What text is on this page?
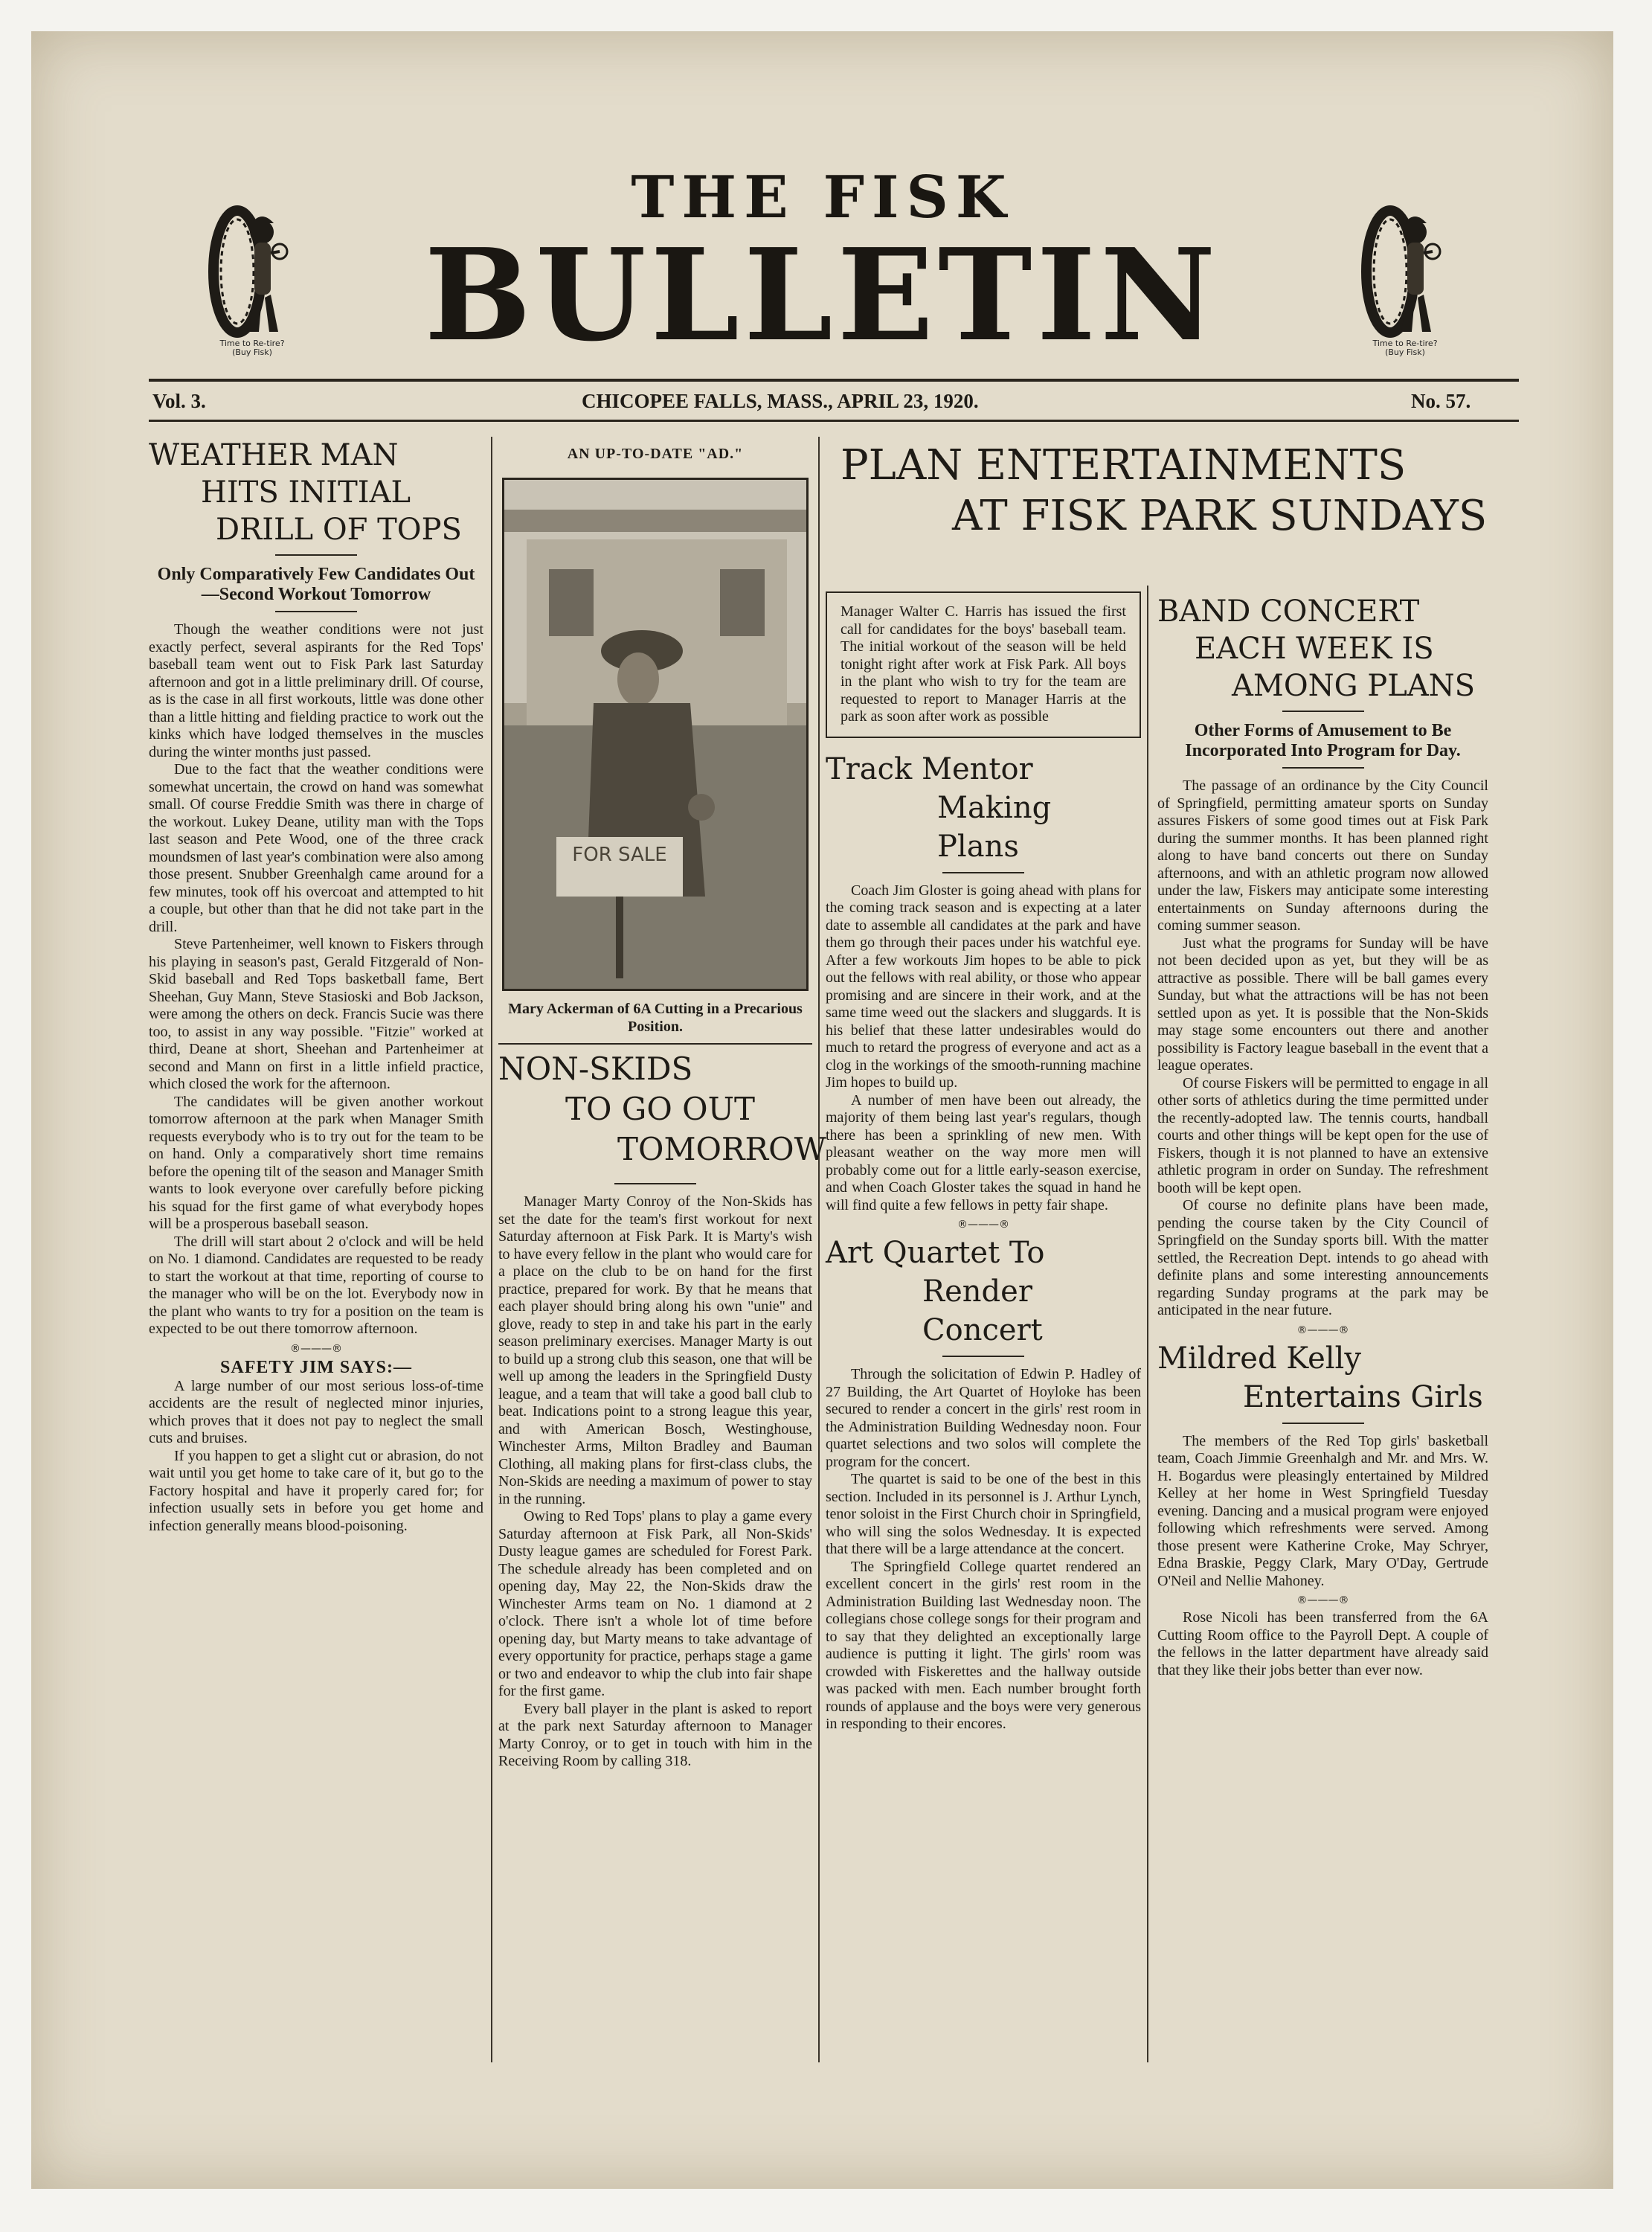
Time to Re-tire?
(Buy Fisk)
Time to Re-tire?
(Buy Fisk)
THE FISK
BULLETIN
Vol. 3.	CHICOPEE FALLS, MASS., APRIL 23, 1920.	No. 57.
WEATHER MAN
HITS INITIAL
DRILL OF TOPS
Only Comparatively Few Candidates Out—Second Workout Tomorrow

Though the weather conditions were not just exactly perfect, several aspirants for the Red Tops' baseball team went out to Fisk Park last Saturday afternoon and got in a little preliminary drill. Of course, as is the case in all first workouts, little was done other than a little hitting and fielding practice to work out the kinks which have lodged themselves in the muscles during the winter months just passed.

Due to the fact that the weather conditions were somewhat uncertain, the crowd on hand was somewhat small. Of course Freddie Smith was there in charge of the workout. Lukey Deane, utility man with the Tops last season and Pete Wood, one of the three crack moundsmen of last year's combination were also among those present. Snubber Greenhalgh came around for a few minutes, took off his overcoat and attempted to hit a couple, but other than that he did not take part in the drill.

Steve Partenheimer, well known to Fiskers through his playing in season's past, Gerald Fitzgerald of Non-Skid baseball and Red Tops basketball fame, Bert Sheehan, Guy Mann, Steve Stasioski and Bob Jackson, were among the others on deck. Francis Sucie was there too, to assist in any way possible. "Fitzie" worked at third, Deane at short, Sheehan and Partenheimer at second and Mann on first in a little infield practice, which closed the work for the afternoon.

The candidates will be given another workout tomorrow afternoon at the park when Manager Smith requests everybody who is to try out for the team to be on hand. Only a comparatively short time remains before the opening tilt of the season and Manager Smith wants to look everyone over carefully before picking his squad for the first game of what everybody hopes will be a prosperous baseball season.

The drill will start about 2 o'clock and will be held on No. 1 diamond. Candidates are requested to be ready to start the workout at that time, reporting of course to the manager who will be on the lot. Everybody now in the plant who wants to try for a position on the team is expected to be out there tomorrow afternoon.

®———®
SAFETY JIM SAYS:—

A large number of our most serious loss-of-time accidents are the result of neglected minor injuries, which proves that it does not pay to neglect the small cuts and bruises.

If you happen to get a slight cut or abrasion, do not wait until you get home to take care of it, but go to the Factory hospital and have it properly cared for; for infection usually sets in before you get home and infection generally means blood-poisoning.

AN UP-TO-DATE "AD."
FOR SALE
Mary Ackerman of 6A Cutting in a Precarious Position.
NON-SKIDS
TO GO OUT
TOMORROW

Manager Marty Conroy of the Non-Skids has set the date for the team's first workout for next Saturday afternoon at Fisk Park. It is Marty's wish to have every fellow in the plant who would care for a place on the club to be on hand for the first practice, prepared for work. By that he means that each player should bring along his own "unie" and glove, ready to step in and take his part in the early season preliminary exercises. Manager Marty is out to build up a strong club this season, one that will be well up among the leaders in the Springfield Dusty league, and a team that will take a good ball club to beat. Indications point to a strong league this year, and with American Bosch, Westinghouse, Winchester Arms, Milton Bradley and Bauman Clothing, all making plans for first-class clubs, the Non-Skids are needing a maximum of power to stay in the running.

Owing to Red Tops' plans to play a game every Saturday afternoon at Fisk Park, all Non-Skids' Dusty league games are scheduled for Forest Park. The schedule already has been completed and on opening day, May 22, the Non-Skids draw the Winchester Arms team on No. 1 diamond at 2 o'clock. There isn't a whole lot of time before opening day, but Marty means to take advantage of every opportunity for practice, perhaps stage a game or two and endeavor to whip the club into fair shape for the first game.

Every ball player in the plant is asked to report at the park next Saturday afternoon to Manager Marty Conroy, or to get in touch with him in the Receiving Room by calling 318.

PLAN ENTERTAINMENTS
AT FISK PARK SUNDAYS
Manager Walter C. Harris has issued the first call for candidates for the boys' baseball team. The initial workout of the season will be held tonight right after work at Fisk Park. All boys in the plant who wish to try for the team are requested to report to Manager Harris at the park as soon after work as possible
Track Mentor
Making Plans

Coach Jim Gloster is going ahead with plans for the coming track season and is expecting at a later date to assemble all candidates at the park and have them go through their paces under his watchful eye. After a few workouts Jim hopes to be able to pick out the fellows with real ability, or those who appear promising and are sincere in their work, and at the same time weed out the slackers and sluggards. It is his belief that these latter undesirables would do much to retard the progress of everyone and act as a clog in the workings of the smooth-running machine Jim hopes to build up.

A number of men have been out already, the majority of them being last year's regulars, though there has been a sprinkling of new men. With pleasant weather on the way more men will probably come out for a little early-season exercise, and when Coach Gloster takes the squad in hand he will find quite a few fellows in petty fair shape.

®———®
Art Quartet To
Render Concert

Through the solicitation of Edwin P. Hadley of 27 Building, the Art Quartet of Hoyloke has been secured to render a concert in the girls' rest room in the Administration Building Wednesday noon. Four quartet selections and two solos will complete the program for the concert.

The quartet is said to be one of the best in this section. Included in its personnel is J. Arthur Lynch, tenor soloist in the First Church choir in Springfield, who will sing the solos Wednesday. It is expected that there will be a large attendance at the concert.

The Springfield College quartet rendered an excellent concert in the girls' rest room in the Administration Building last Wednesday noon. The collegians chose college songs for their program and to say that they delighted an exceptionally large audience is putting it light. The girls' room was crowded with Fiskerettes and the hallway outside was packed with men. Each number brought forth rounds of applause and the boys were very generous in responding to their encores.

BAND CONCERT
EACH WEEK IS
AMONG PLANS
Other Forms of Amusement to Be Incorporated Into Program for Day.

The passage of an ordinance by the City Council of Springfield, permitting amateur sports on Sunday assures Fiskers of some good times out at Fisk Park during the summer months. It has been planned right along to have band concerts out there on Sunday afternoons, and with an athletic program now allowed under the law, Fiskers may anticipate some interesting entertainments on Sunday afternoons during the coming summer season.

Just what the programs for Sunday will be have not been decided upon as yet, but they will be as attractive as possible. There will be ball games every Sunday, but what the attractions will be has not been settled upon as yet. It is possible that the Non-Skids may stage some encounters out there and another possibility is Factory league baseball in the event that a league operates.

Of course Fiskers will be permitted to engage in all other sorts of athletics during the time permitted under the recently-adopted law. The tennis courts, handball courts and other things will be kept open for the use of Fiskers, though it is not planned to have an extensive athletic program in order on Sunday. The refreshment booth will be kept open.

Of course no definite plans have been made, pending the course taken by the City Council of Springfield on the Sunday sports bill. With the matter settled, the Recreation Dept. intends to go ahead with definite plans and some interesting announcements regarding Sunday programs at the park may be anticipated in the near future.

®———®
Mildred Kelly
Entertains Girls

The members of the Red Top girls' basketball team, Coach Jimmie Greenhalgh and Mr. and Mrs. W. H. Bogardus were pleasingly entertained by Mildred Kelley at her home in West Springfield Tuesday evening. Dancing and a musical program were enjoyed following which refreshments were served. Among those present were Katherine Croke, May Schryer, Edna Braskie, Peggy Clark, Mary O'Day, Gertrude O'Neil and Nellie Mahoney.

®———®

Rose Nicoli has been transferred from the 6A Cutting Room office to the Payroll Dept. A couple of the fellows in the latter department have already said that they like their jobs better than ever now.
